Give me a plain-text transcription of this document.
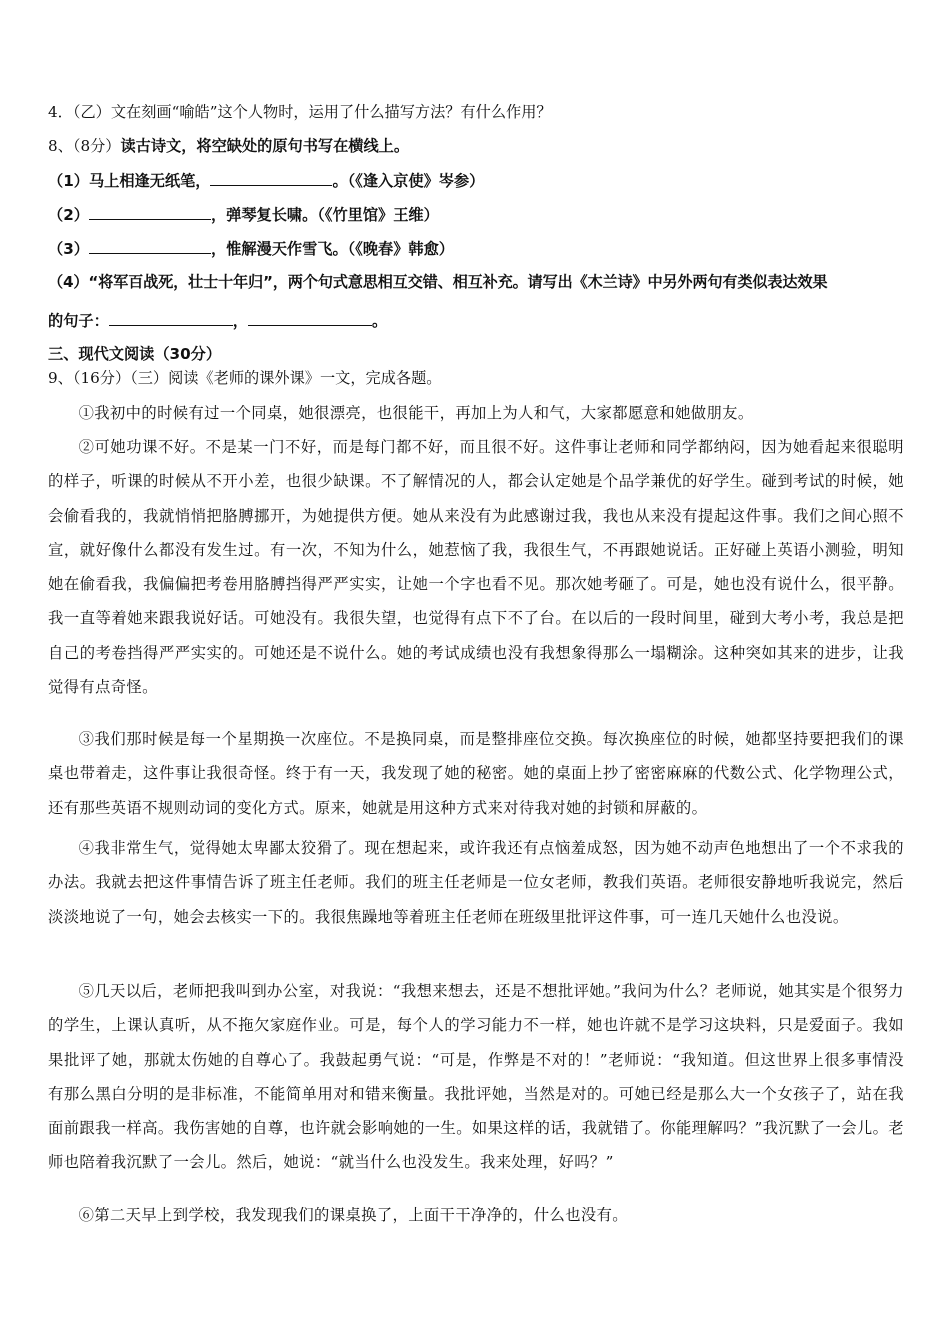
4．（乙）文在刻画“喻皓”这个人物时，运用了什么描写方法？有什么作用？
8、（8分）读古诗文，将空缺处的原句书写在横线上。
（1）马上相逢无纸笔，	。（《逢入京使》岑参）
（2）	，弹琴复长啸。（《竹里馆》王维）
（3）	，惟解漫天作雪飞。（《晚春》韩愈）
（4）“将军百战死，壮士十年归”，两个句式意思相互交错、相互补充。请写出《木兰诗》中另外两句有类似表达效果
的句子：	，	。
三、现代文阅读（30分）
9、（16分）（三）阅读《老师的课外课》一文，完成各题。
①我初中的时候有过一个同桌，她很漂亮，也很能干，再加上为人和气，大家都愿意和她做朋友。
②可她功课不好。不是某一门不好，而是每门都不好，而且很不好。这件事让老师和同学都纳闷，因为她看起来很聪明的样子，听课的时候从不开小差，也很少缺课。不了解情况的人，都会认定她是个品学兼优的好学生。碰到考试的时候，她会偷看我的，我就悄悄把胳膊挪开，为她提供方便。她从来没有为此感谢过我，我也从来没有提起这件事。我们之间心照不宣，就好像什么都没有发生过。有一次，不知为什么，她惹恼了我，我很生气，不再跟她说话。正好碰上英语小测验，明知她在偷看我，我偏偏把考卷用胳膊挡得严严实实，让她一个字也看不见。那次她考砸了。可是，她也没有说什么，很平静。我一直等着她来跟我说好话。可她没有。我很失望，也觉得有点下不了台。在以后的一段时间里，碰到大考小考，我总是把自己的考卷挡得严严实实的。可她还是不说什么。她的考试成绩也没有我想象得那么一塌糊涂。这种突如其来的进步，让我觉得有点奇怪。
③我们那时候是每一个星期换一次座位。不是换同桌，而是整排座位交换。每次换座位的时候，她都坚持要把我们的课桌也带着走，这件事让我很奇怪。终于有一天，我发现了她的秘密。她的桌面上抄了密密麻麻的代数公式、化学物理公式，还有那些英语不规则动词的变化方式。原来，她就是用这种方式来对待我对她的封锁和屏蔽的。
④我非常生气，觉得她太卑鄙太狡猾了。现在想起来，或许我还有点恼羞成怒，因为她不动声色地想出了一个不求我的办法。我就去把这件事情告诉了班主任老师。我们的班主任老师是一位女老师，教我们英语。老师很安静地听我说完，然后淡淡地说了一句，她会去核实一下的。我很焦躁地等着班主任老师在班级里批评这件事，可一连几天她什么也没说。
⑤几天以后，老师把我叫到办公室，对我说：“我想来想去，还是不想批评她。”我问为什么？老师说，她其实是个很努力的学生，上课认真听，从不拖欠家庭作业。可是，每个人的学习能力不一样，她也许就不是学习这块料，只是爱面子。我如果批评了她，那就太伤她的自尊心了。我鼓起勇气说：“可是，作弊是不对的！”老师说：“我知道。但这世界上很多事情没有那么黑白分明的是非标准，不能简单用对和错来衡量。我批评她，当然是对的。可她已经是那么大一个女孩子了，站在我面前跟我一样高。我伤害她的自尊，也许就会影响她的一生。如果这样的话，我就错了。你能理解吗？”我沉默了一会儿。老师也陪着我沉默了一会儿。然后，她说：“就当什么也没发生。我来处理，好吗？”
⑥第二天早上到学校，我发现我们的课桌换了，上面干干净净的，什么也没有。
